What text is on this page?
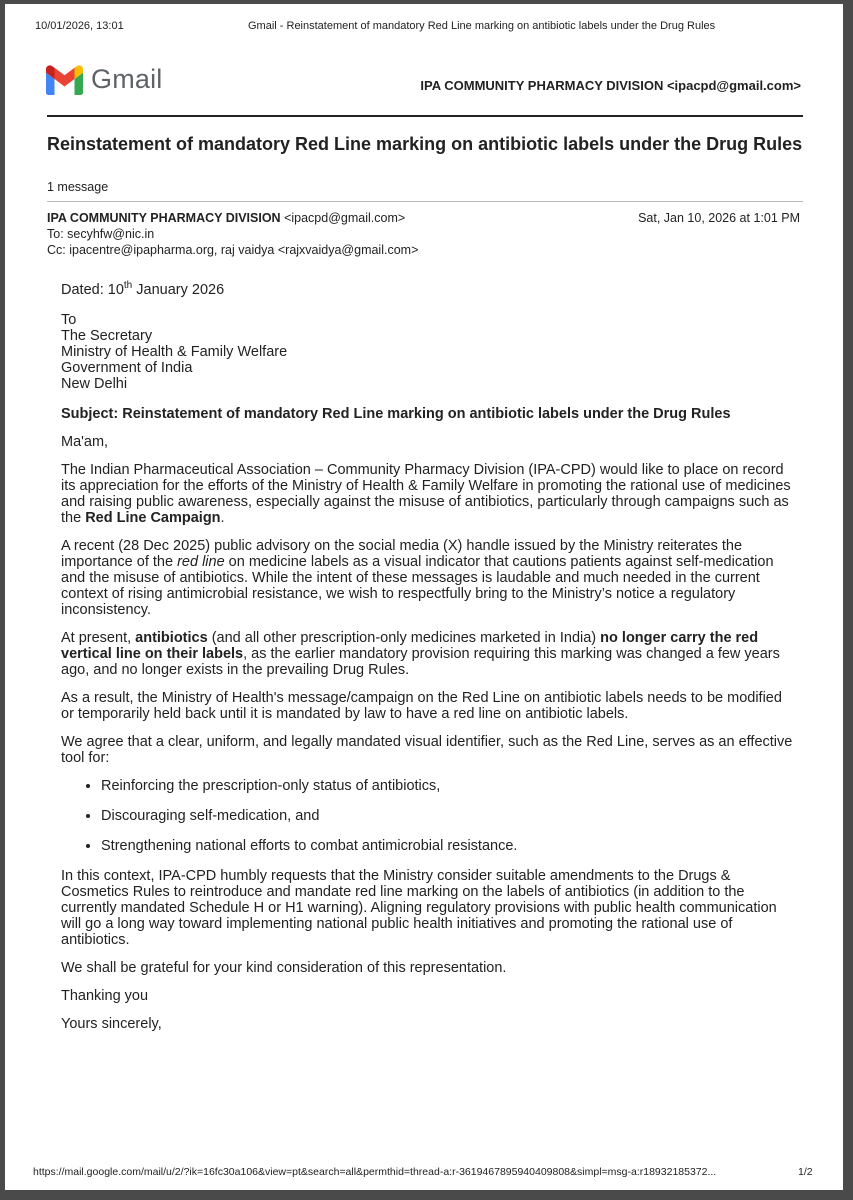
10/01/2026, 13:01	Gmail - Reinstatement of mandatory Red Line marking on antibiotic labels under the Drug Rules
Gmail	IPA COMMUNITY PHARMACY DIVISION <ipacpd@gmail.com>
Reinstatement of mandatory Red Line marking on antibiotic labels under the Drug Rules
1 message
IPA COMMUNITY PHARMACY DIVISION <ipacpd@gmail.com>	Sat, Jan 10, 2026 at 1:01 PM
To: secyhfw@nic.in
Cc: ipacentre@ipapharma.org, raj vaidya <rajxvaidya@gmail.com>

Dated: 10th January 2026

To
The Secretary
Ministry of Health & Family Welfare
Government of India
New Delhi

Subject: Reinstatement of mandatory Red Line marking on antibiotic labels under the Drug Rules

Ma'am,

The Indian Pharmaceutical Association – Community Pharmacy Division (IPA-CPD) would like to place on record its appreciation for the efforts of the Ministry of Health & Family Welfare in promoting the rational use of medicines and raising public awareness, especially against the misuse of antibiotics, particularly through campaigns such as the Red Line Campaign.

A recent (28 Dec 2025) public advisory on the social media (X) handle issued by the Ministry reiterates the importance of the red line on medicine labels as a visual indicator that cautions patients against self-medication and the misuse of antibiotics. While the intent of these messages is laudable and much needed in the current context of rising antimicrobial resistance, we wish to respectfully bring to the Ministry’s notice a regulatory inconsistency.

At present, antibiotics (and all other prescription-only medicines marketed in India) no longer carry the red vertical line on their labels, as the earlier mandatory provision requiring this marking was changed a few years ago, and no longer exists in the prevailing Drug Rules.

As a result, the Ministry of Health's message/campaign on the Red Line on antibiotic labels needs to be modified or temporarily held back until it is mandated by law to have a red line on antibiotic labels.

We agree that a clear, uniform, and legally mandated visual identifier, such as the Red Line, serves as an effective tool for:

• Reinforcing the prescription-only status of antibiotics,
• Discouraging self-medication, and
• Strengthening national efforts to combat antimicrobial resistance.

In this context, IPA-CPD humbly requests that the Ministry consider suitable amendments to the Drugs & Cosmetics Rules to reintroduce and mandate red line marking on the labels of antibiotics (in addition to the currently mandated Schedule H or H1 warning). Aligning regulatory provisions with public health communication will go a long way toward implementing national public health initiatives and promoting the rational use of antibiotics.

We shall be grateful for your kind consideration of this representation.

Thanking you

Yours sincerely,

https://mail.google.com/mail/u/2/?ik=16fc30a106&view=pt&search=all&permthid=thread-a:r-3619467895940409808&simpl=msg-a:r18932185372...	1/2
